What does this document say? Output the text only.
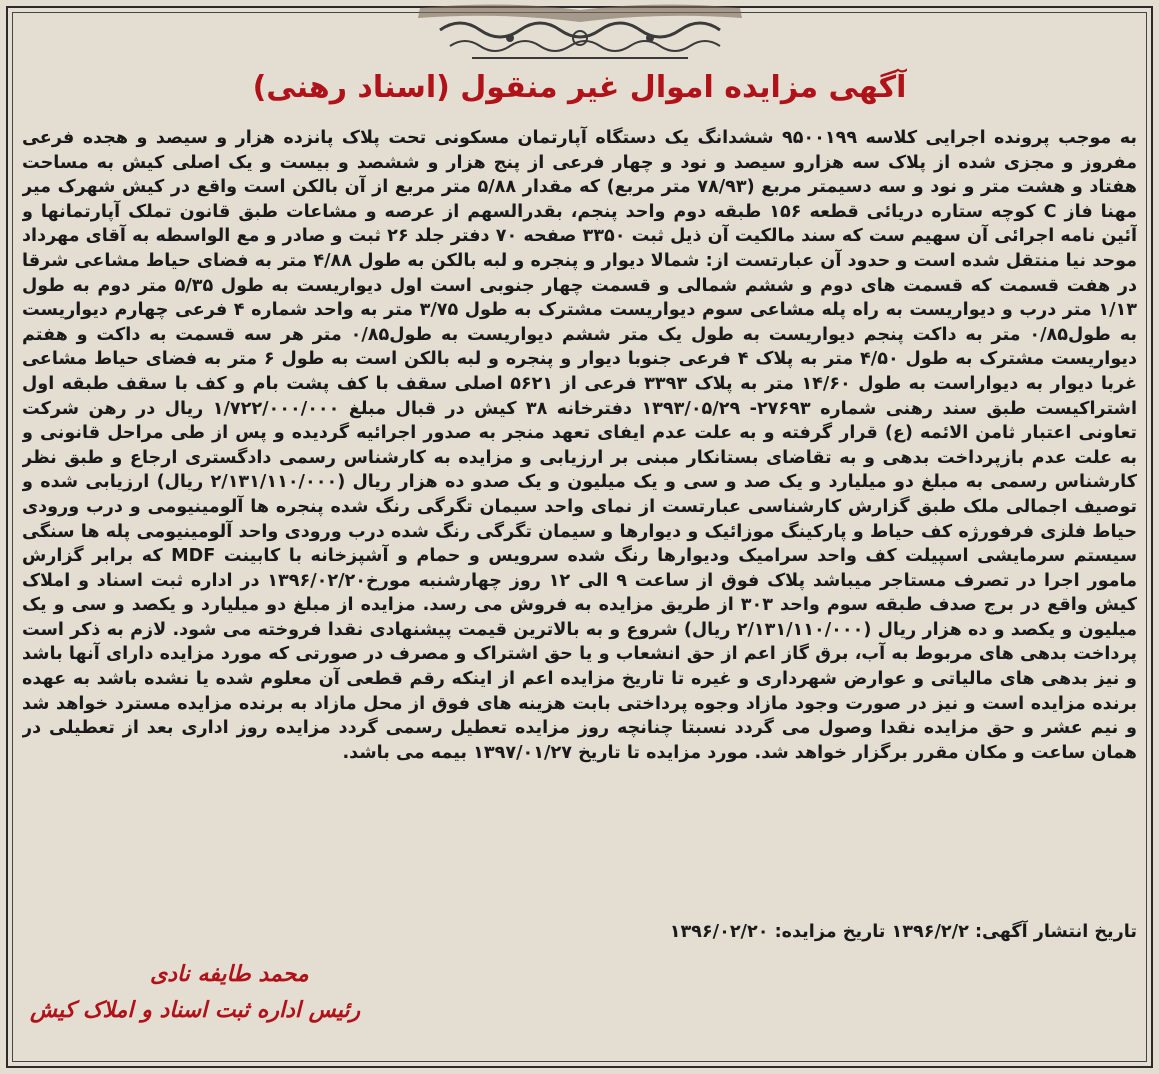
آگهی مزایده اموال غیر منقول (اسناد رهنی)
به موجب پرونده اجرایی کلاسه ۹۵۰۰۱۹۹ ششدانگ یک دستگاه آپارتمان مسکونی تحت پلاک پانزده هزار و سیصد و هجده فرعی مفروز و مجزی شده از پلاک سه هزارو سیصد و نود و چهار فرعی از پنج هزار و ششصد و بیست و یک اصلی کیش به مساحت هفتاد و هشت متر و نود و سه دسیمتر مربع (۷۸/۹۳ متر مربع) که مقدار ۵/۸۸ متر مربع از آن بالکن است واقع در کیش شهرک میر مهنا فاز C کوچه ستاره دریائی قطعه ۱۵۶ طبقه دوم واحد پنجم، بقدرالسهم از عرصه و مشاعات طبق قانون تملک آپارتمانها و آئین نامه اجرائی آن سهیم ست که سند مالکیت آن ذیل ثبت ۳۳۵۰ صفحه ۷۰ دفتر جلد ۲۶ ثبت و صادر و مع الواسطه به آقای مهرداد موحد نیا منتقل شده است و حدود آن عبارتست از: شمالا دیوار و پنجره و لبه بالکن به طول ۴/۸۸ متر به فضای حیاط مشاعی شرقا در هفت قسمت که قسمت های دوم و ششم شمالی و قسمت چهار جنوبی است اول دیواریست به طول ۵/۳۵ متر دوم به طول ۱/۱۳ متر درب و دیواریست به راه پله مشاعی سوم دیواریست مشترک به طول ۳/۷۵ متر به واحد شماره ۴ فرعی چهارم دیواریست به طول۰/۸۵ متر به داکت پنجم دیواریست به طول یک متر ششم دیواریست به طول۰/۸۵ متر هر سه قسمت به داکت و هفتم دیواریست مشترک به طول ۴/۵۰ متر به پلاک ۴ فرعی جنوبا دیوار و پنجره و لبه بالکن است به طول ۶ متر به فضای حیاط مشاعی غربا دیوار به دیواراست به طول ۱۴/۶۰ متر به پلاک ۳۳۹۳ فرعی از ۵۶۲۱ اصلی سقف با کف پشت بام و کف با سقف طبقه اول اشتراکیست طبق سند رهنی شماره ۲۷۶۹۳- ۱۳۹۳/۰۵/۲۹ دفترخانه ۳۸ کیش در قبال مبلغ ۱/۷۲۲/۰۰۰/۰۰۰ ریال در رهن شرکت تعاونی اعتبار ثامن الائمه (ع) قرار گرفته و به علت عدم ایفای تعهد منجر به صدور اجرائیه گردیده و پس از طی مراحل قانونی و به علت عدم بازپرداخت بدهی و به تقاضای بستانکار مبنی بر ارزیابی و مزایده به کارشناس رسمی دادگستری ارجاع و طبق نظر کارشناس رسمی به مبلغ دو میلیارد و یک صد و سی و یک میلیون و یک صدو ده هزار ریال (۲/۱۳۱/۱۱۰/۰۰۰ ریال) ارزیابی شده و توصیف اجمالی ملک طبق گزارش کارشناسی عبارتست از نمای واحد سیمان تگرگی رنگ شده پنجره ها آلومینیومی و درب ورودی حیاط فلزی فرفورژه کف حیاط و پارکینگ موزائیک و دیوارها و سیمان تگرگی رنگ شده درب ورودی واحد آلومینیومی پله ها سنگی سیستم سرمایشی اسپیلت کف واحد سرامیک ودیوارها رنگ شده سرویس و حمام و آشپزخانه با کابینت MDF که برابر گزارش مامور اجرا در تصرف مستاجر میباشد پلاک فوق از ساعت ۹ الی ۱۲ روز چهارشنبه مورخ۱۳۹۶/۰۲/۲۰ در اداره ثبت اسناد و املاک کیش واقع در برج صدف طبقه سوم واحد ۳۰۳ از طریق مزایده به فروش می رسد. مزایده از مبلغ دو میلیارد و یکصد و سی و یک میلیون و یکصد و ده هزار ریال (۲/۱۳۱/۱۱۰/۰۰۰ ریال) شروع و به بالاترین قیمت پیشنهادی نقدا فروخته می شود. لازم به ذکر است پرداخت بدهی های مربوط به آب، برق گاز اعم از حق انشعاب و یا حق اشتراک و مصرف در صورتی که مورد مزایده دارای آنها باشد و نیز بدهی های مالیاتی و عوارض شهرداری و غیره تا تاریخ مزایده اعم از اینکه رقم قطعی آن معلوم شده یا نشده باشد به عهده برنده مزایده است و نیز در صورت وجود مازاد وجوه پرداختی بابت هزینه های فوق از محل مازاد به برنده مزایده مسترد خواهد شد و نیم عشر و حق مزایده نقدا وصول می گردد نسبتا چنانچه روز مزایده تعطیل رسمی گردد مزایده روز اداری بعد از تعطیلی در همان ساعت و مکان مقرر برگزار خواهد شد. مورد مزایده تا تاریخ ۱۳۹۷/۰۱/۲۷ بیمه می باشد.
تاریخ انتشار آگهی: ۱۳۹۶/۲/۲ تاریخ مزایده: ۱۳۹۶/۰۲/۲۰
محمد طایفه نادی
رئیس اداره ثبت اسناد و املاک کیش
